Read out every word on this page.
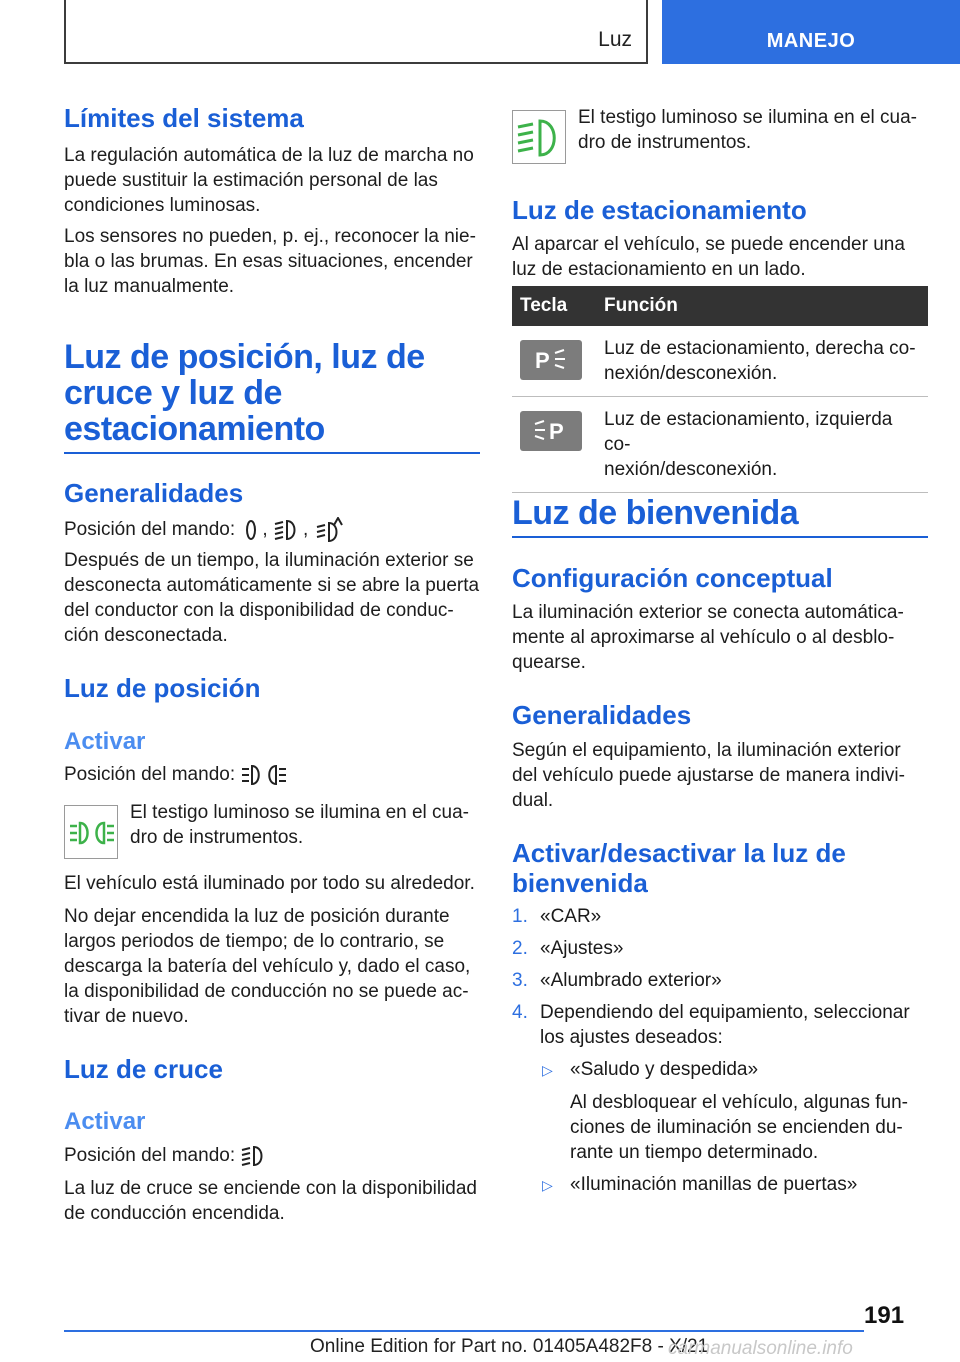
Luz	MANEJO
Límites del sistema
La regulación automática de la luz de marcha no
puede sustituir la estimación personal de las
condiciones luminosas.
Los sensores no pueden, p. ej., reconocer la nie-
bla o las brumas. En esas situaciones, encender
la luz manualmente.
Luz de posición, luz de
cruce y luz de
estacionamiento
Generalidades
Posición del mando: , ,
Después de un tiempo, la iluminación exterior se
desconecta automáticamente si se abre la puerta
del conductor con la disponibilidad de conduc-
ción desconectada.
Luz de posición
Activar
Posición del mando:
El testigo luminoso se ilumina en el cua-
dro de instrumentos.
El vehículo está iluminado por todo su alrededor.
No dejar encendida la luz de posición durante
largos periodos de tiempo; de lo contrario, se
descarga la batería del vehículo y, dado el caso,
la disponibilidad de conducción no se puede ac-
tivar de nuevo.
Luz de cruce
Activar
Posición del mando:
La luz de cruce se enciende con la disponibilidad
de conducción encendida.
El testigo luminoso se ilumina en el cua-
dro de instrumentos.
Luz de estacionamiento
Al aparcar el vehículo, se puede encender una
luz de estacionamiento en un lado.
Tecla	Función

P	Luz de estacionamiento, derecha co-
nexión/desconexión.

P	Luz de estacionamiento, izquierda co-
nexión/desconexión.
Luz de bienvenida
Configuración conceptual
La iluminación exterior se conecta automática-
mente al aproximarse al vehículo o al desblo-
quearse.
Generalidades
Según el equipamiento, la iluminación exterior
del vehículo puede ajustarse de manera indivi-
dual.
Activar/desactivar la luz de
bienvenida
1. «CAR»
2. «Ajustes»
3. «Alumbrado exterior»
4. Dependiendo del equipamiento, seleccionar
los ajustes deseados:
▷ «Saludo y despedida»
Al desbloquear el vehículo, algunas fun-
ciones de iluminación se encienden du-
rante un tiempo determinado.
▷ «Iluminación manillas de puertas»
191
Online Edition for Part no. 01405A482F8 - X/21
carmanualsonline.info
